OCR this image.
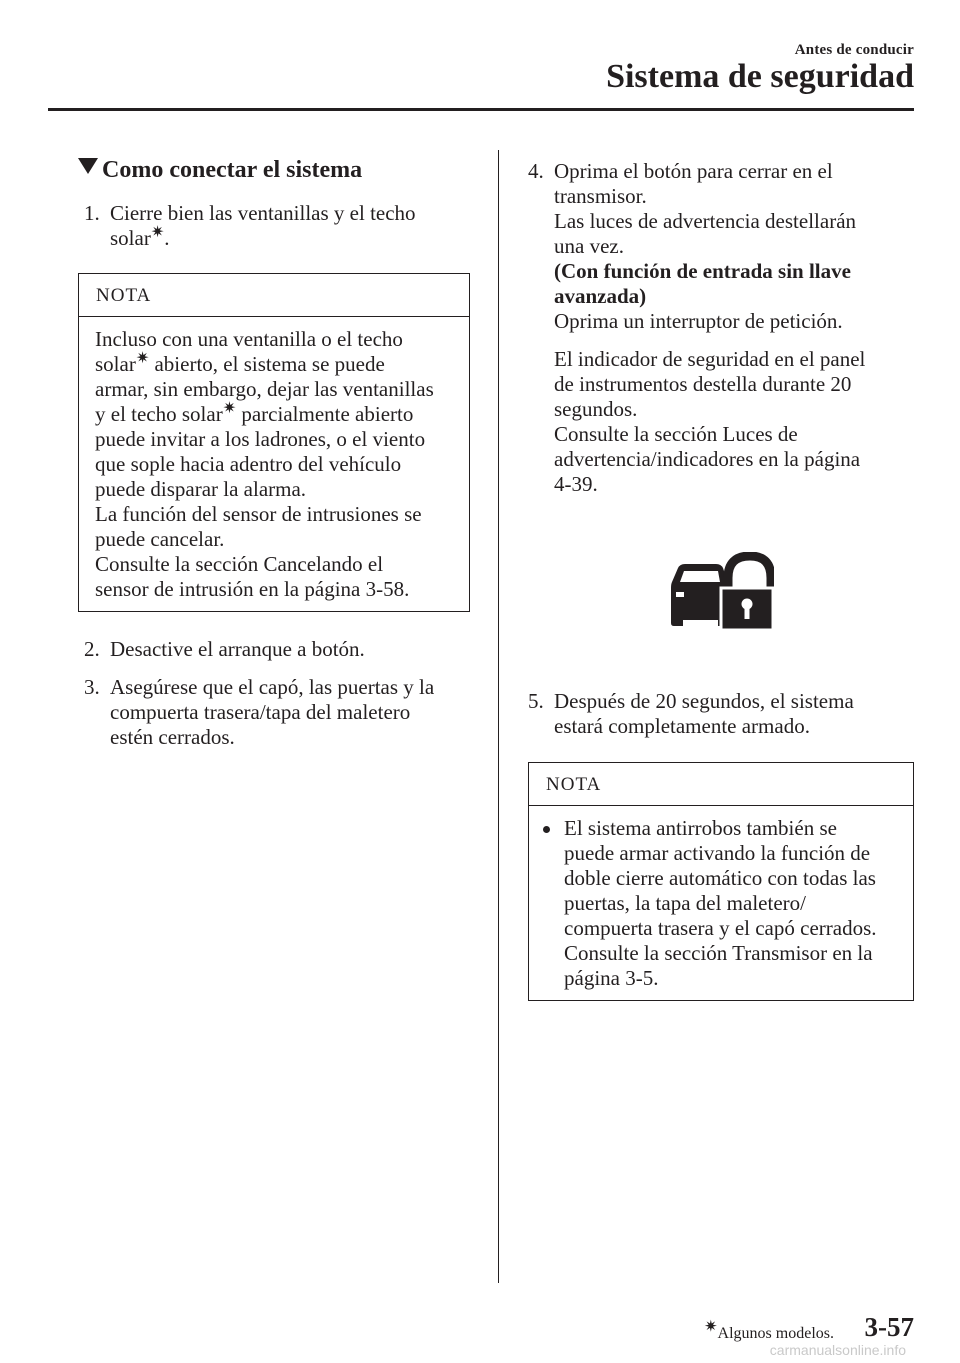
Antes de conducir
Sistema de seguridad
Como conectar el sistema
1. Cierre bien las ventanillas y el techo
solar✷.
NOTA
Incluso con una ventanilla o el techo
solar✷ abierto, el sistema se puede
armar, sin embargo, dejar las ventanillas
y el techo solar✷ parcialmente abierto
puede invitar a los ladrones, o el viento
que sople hacia adentro del vehículo
puede disparar la alarma.
La función del sensor de intrusiones se
puede cancelar.
Consulte la sección Cancelando el
sensor de intrusión en la página 3-58.
2. Desactive el arranque a botón.
3. Asegúrese que el capó, las puertas y la
compuerta trasera/tapa del maletero
estén cerrados.
4. Oprima el botón para cerrar en el
transmisor.
Las luces de advertencia destellarán
una vez.
(Con función de entrada sin llave
avanzada)
Oprima un interruptor de petición.
El indicador de seguridad en el panel
de instrumentos destella durante 20
segundos.
Consulte la sección Luces de
advertencia/indicadores en la página
4-39.
5. Después de 20 segundos, el sistema
estará completamente armado.
NOTA
El sistema antirrobos también se
puede armar activando la función de
doble cierre automático con todas las
puertas, la tapa del maletero/
compuerta trasera y el capó cerrados.
Consulte la sección Transmisor en la
página 3-5.
✷Algunos modelos. 3-57
carmanualsonline.info
